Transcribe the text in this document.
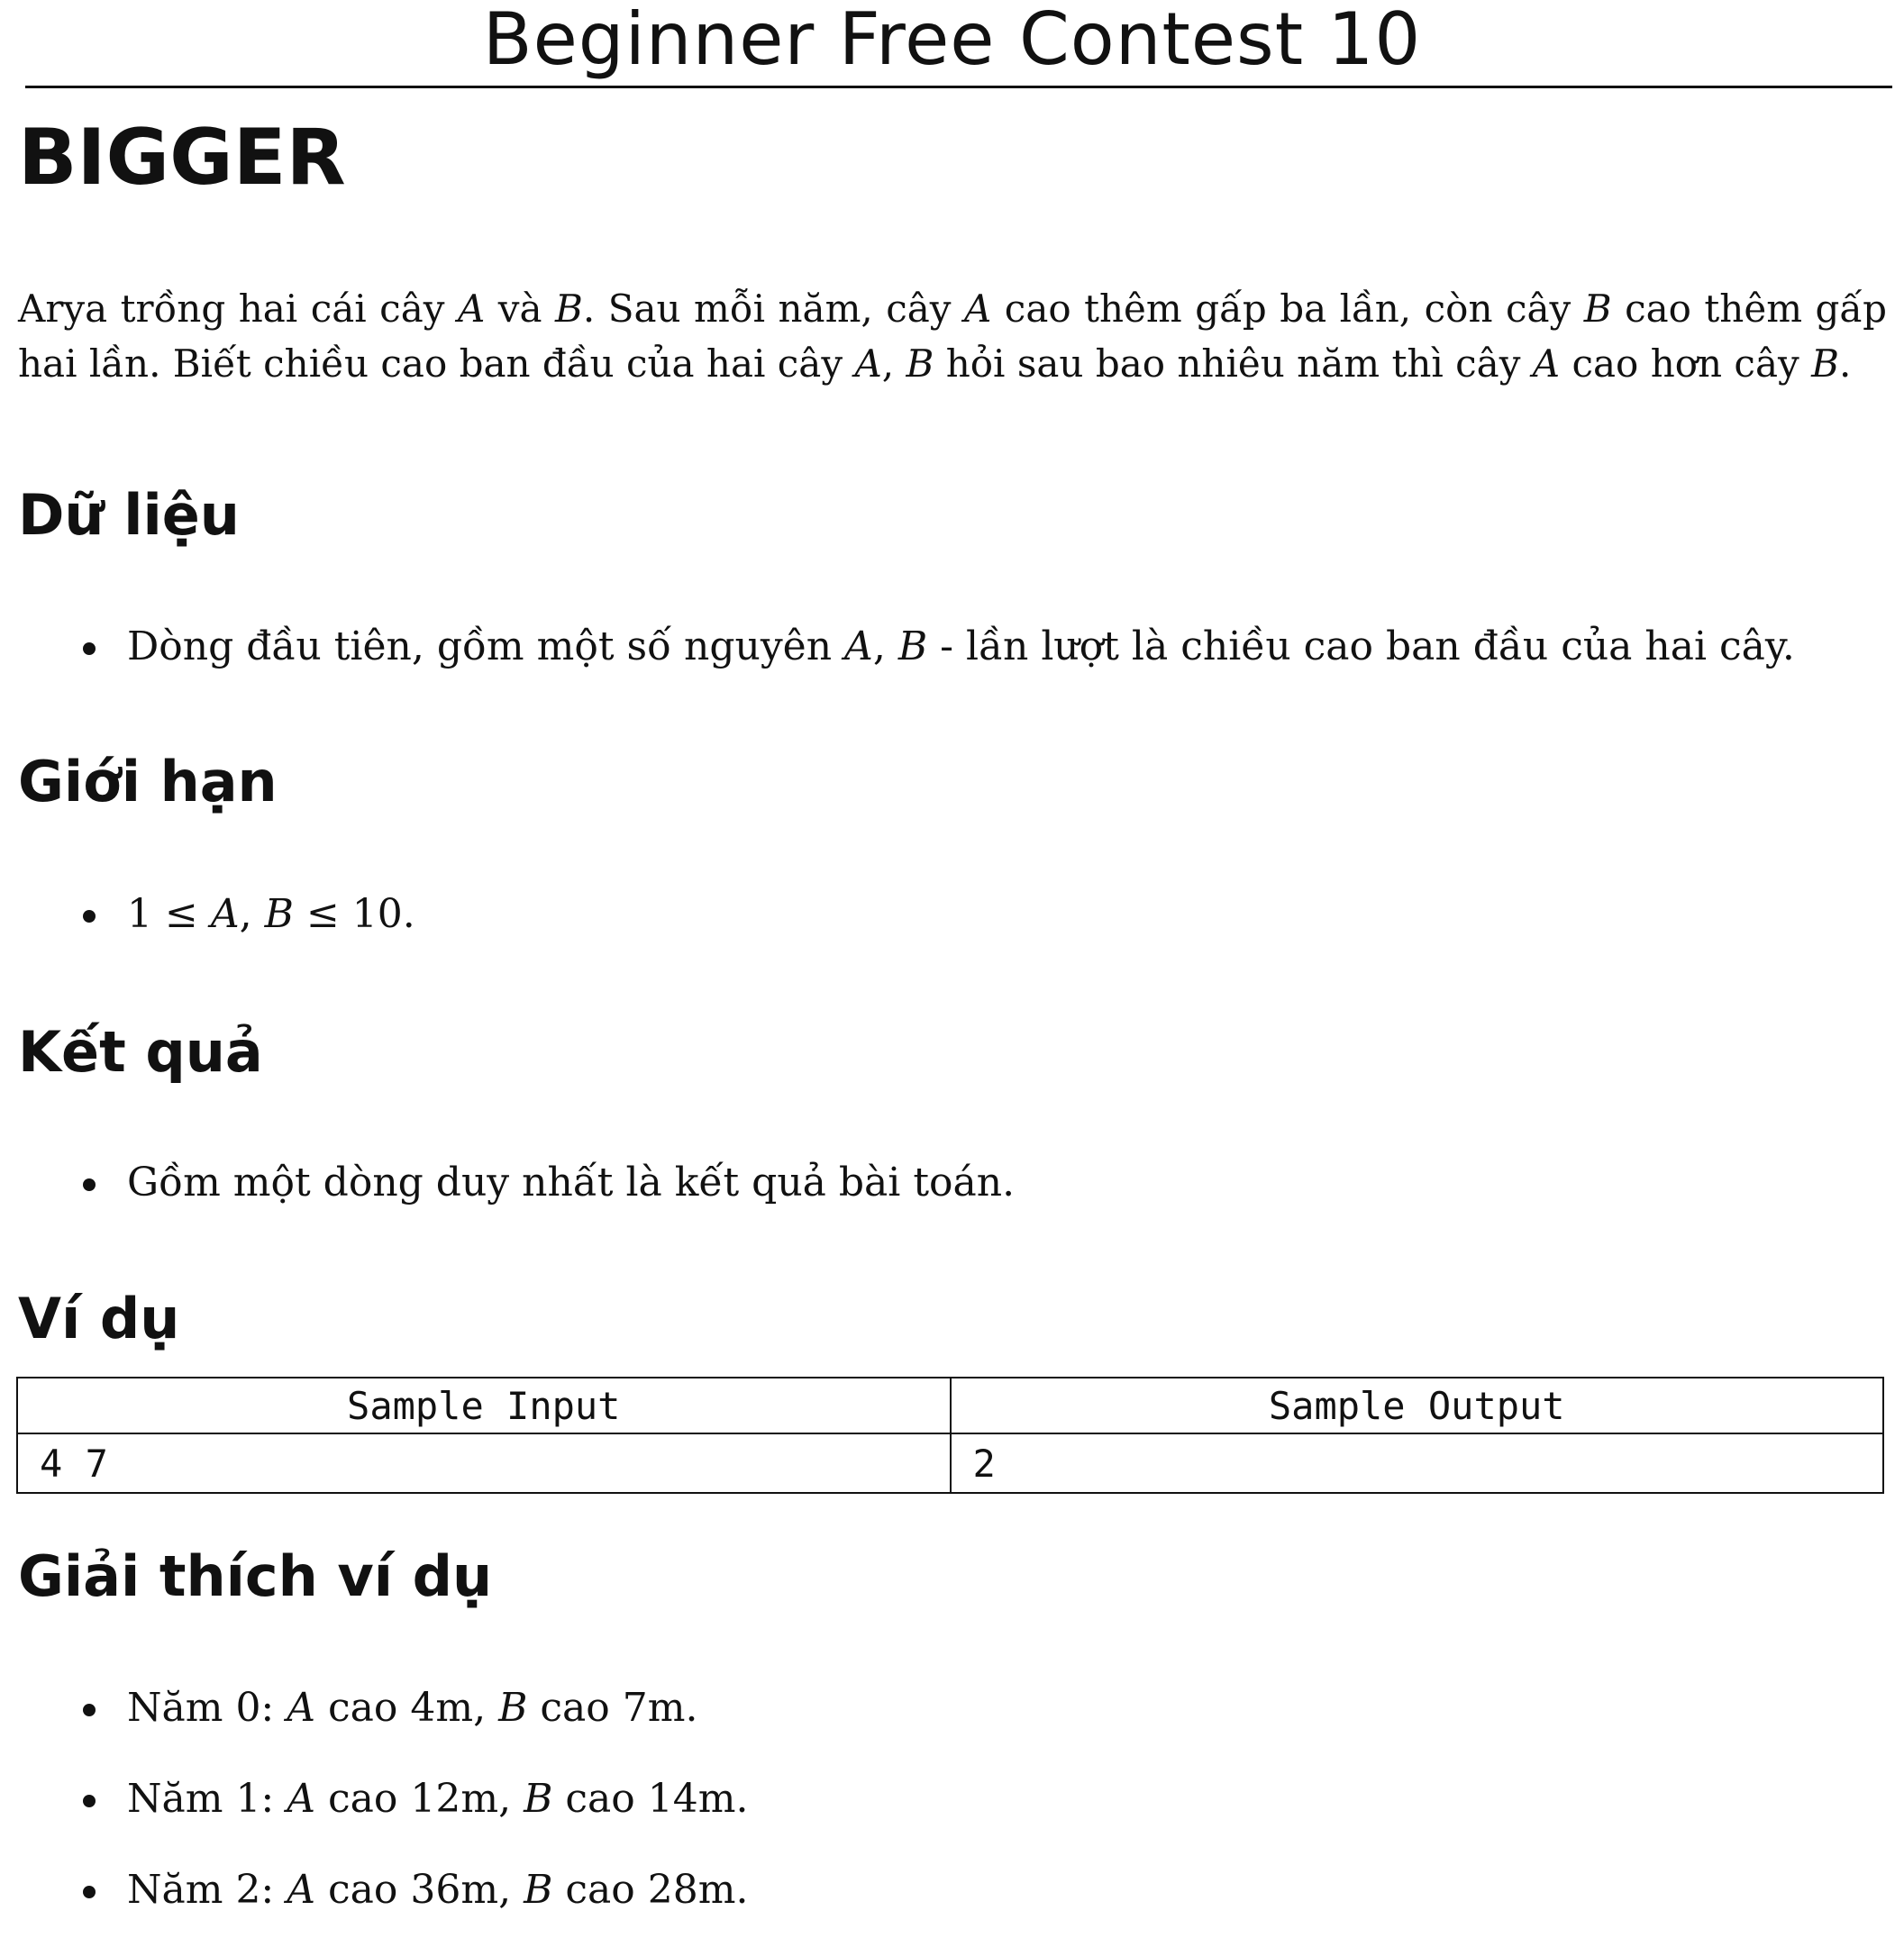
Beginner Free Contest 10
BIGGER

Arya trồng hai cái cây A và B. Sau mỗi năm, cây A cao thêm gấp ba lần, còn cây B cao thêm gấp hai lần. Biết chiều cao ban đầu của hai cây A, B hỏi sau bao nhiêu năm thì cây A cao hơn cây B.

Dữ liệu
Dòng đầu tiên, gồm một số nguyên A, B - lần lượt là chiều cao ban đầu của hai cây.
Giới hạn
1 ≤ A, B ≤ 10.
Kết quả
Gồm một dòng duy nhất là kết quả bài toán.
Ví dụ
Sample Input	Sample Output
4 7	2
Giải thích ví dụ
Năm 0: A cao 4m, B cao 7m.
Năm 1: A cao 12m, B cao 14m.
Năm 2: A cao 36m, B cao 28m.
